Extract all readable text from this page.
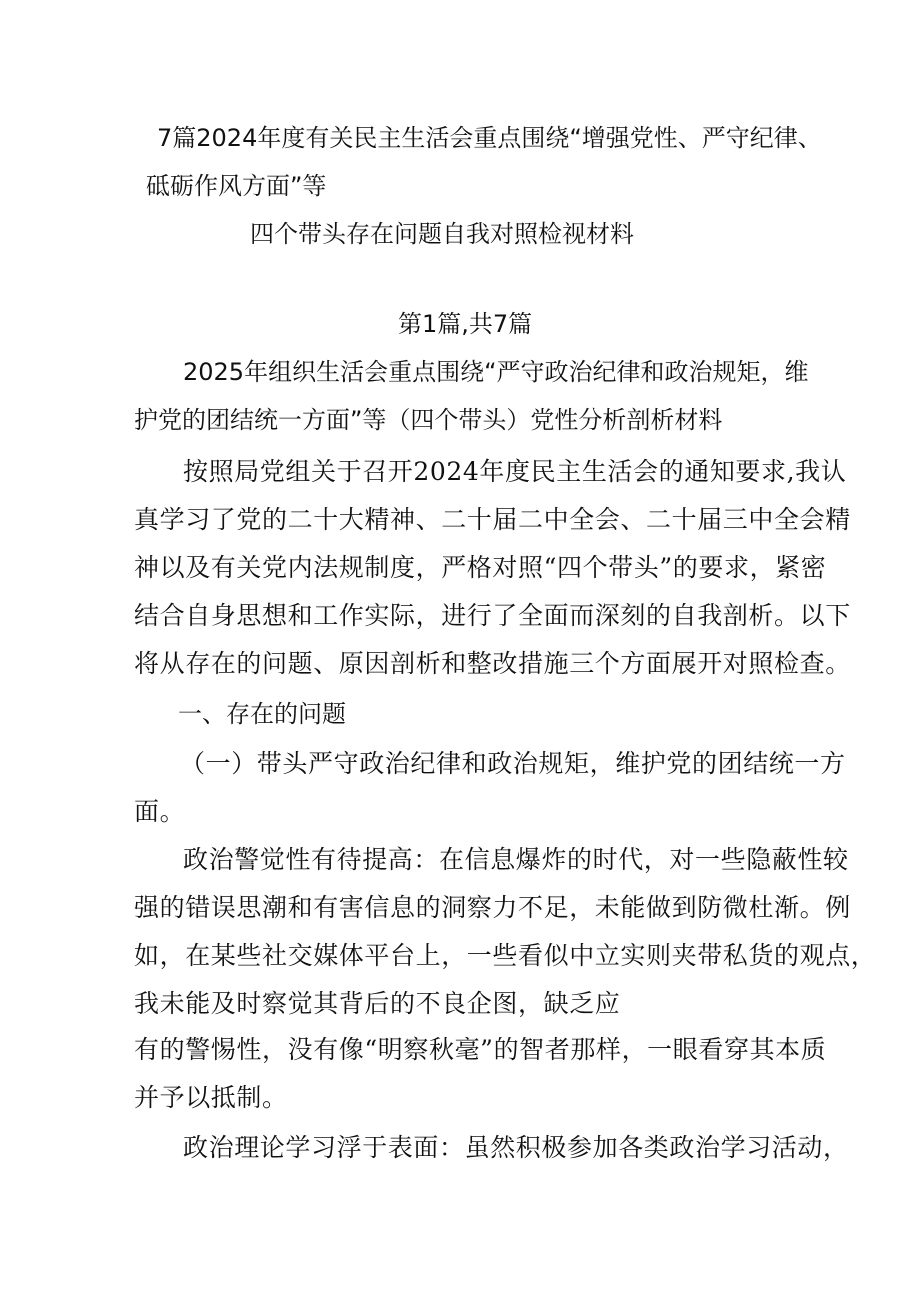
7篇2024年度有关民主生活会重点围绕“增强党性、严守纪律、
砥砺作风方面”等
四个带头存在问题自我对照检视材料
第1篇,共7篇
2025年组织生活会重点围绕“严守政治纪律和政治规矩，维
护党的团结统一方面”等（四个带头）党性分析剖析材料
按照局党组关于召开2024年度民主生活会的通知要求,我认
真学习了党的二十大精神、二十届二中全会、二十届三中全会精
神以及有关党内法规制度，严格对照“四个带头”的要求，紧密
结合自身思想和工作实际，进行了全面而深刻的自我剖析。以下
将从存在的问题、原因剖析和整改措施三个方面展开对照检查。
一、存在的问题
（一）带头严守政治纪律和政治规矩，维护党的团结统一方
面。
政治警觉性有待提高：在信息爆炸的时代，对一些隐蔽性较
强的错误思潮和有害信息的洞察力不足，未能做到防微杜渐。例
如，在某些社交媒体平台上，一些看似中立实则夹带私货的观点，
我未能及时察觉其背后的不良企图，缺乏应
有的警惕性，没有像“明察秋毫”的智者那样，一眼看穿其本质
并予以抵制。
政治理论学习浮于表面：虽然积极参加各类政治学习活动，
